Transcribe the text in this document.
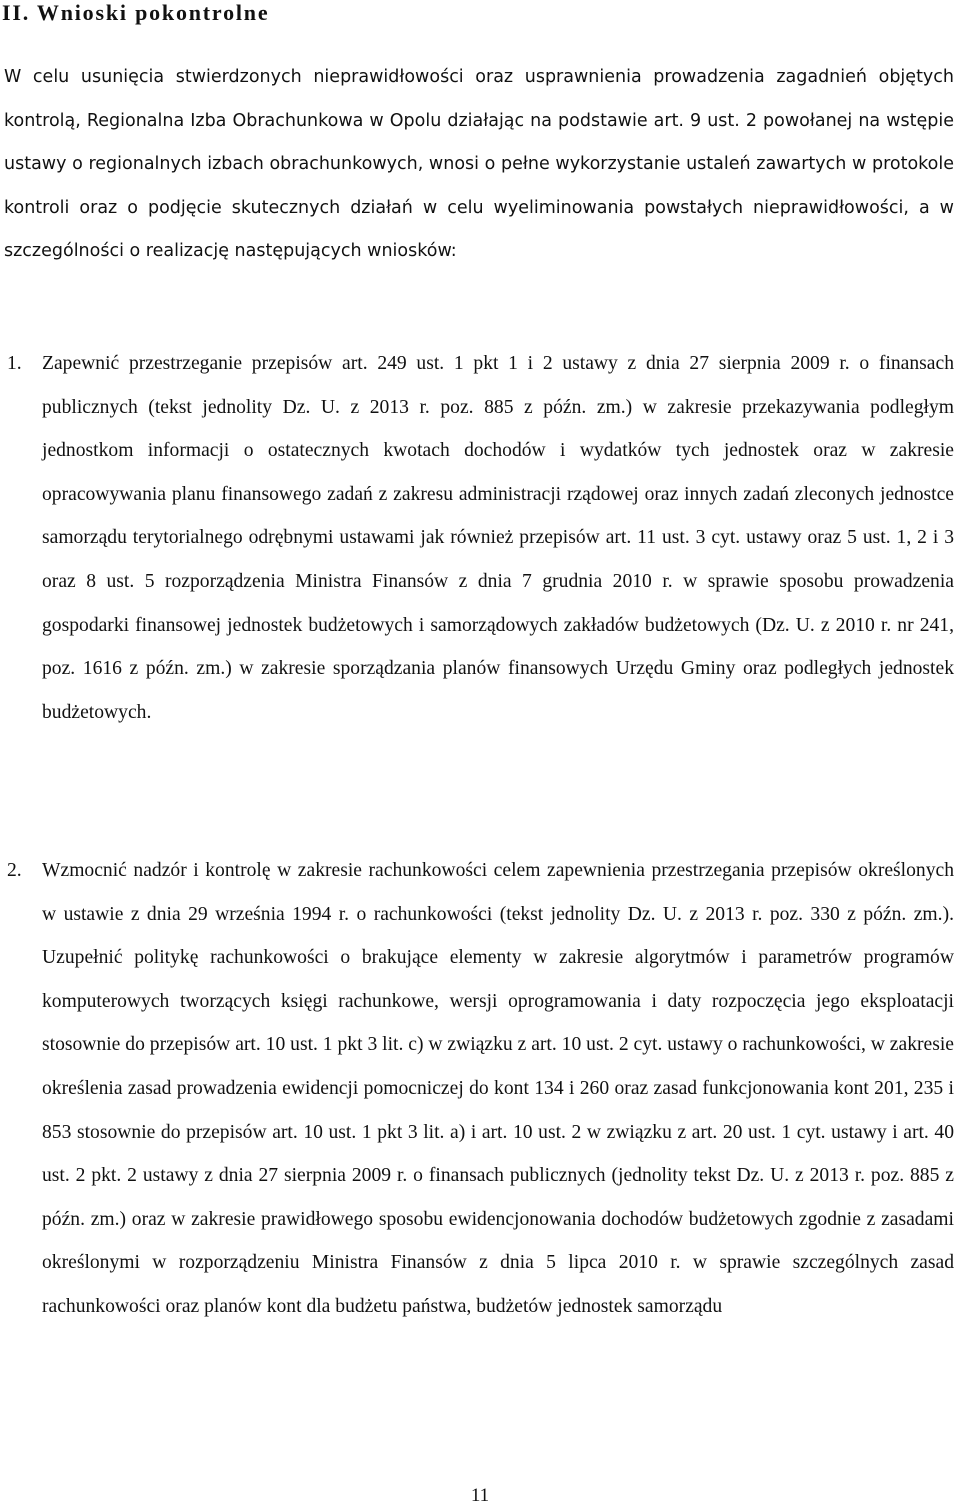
II. Wnioski pokontrolne

W celu usunięcia stwierdzonych nieprawidłowości oraz usprawnienia prowadzenia zagadnień objętych kontrolą, Regionalna Izba Obrachunkowa w Opolu działając na podstawie art. 9 ust. 2 powołanej na wstępie ustawy o regionalnych izbach obrachunkowych, wnosi o pełne wykorzystanie ustaleń zawartych w protokole kontroli oraz o podjęcie skutecznych działań w celu wyeliminowania powstałych nieprawidłowości, a w szczególności o realizację następujących wniosków:

1. Zapewnić przestrzeganie przepisów art. 249 ust. 1 pkt 1 i 2 ustawy z dnia 27 sierpnia 2009 r. o finansach publicznych (tekst jednolity Dz. U. z 2013 r. poz. 885 z późn. zm.) w zakresie przekazywania podległym jednostkom informacji o ostatecznych kwotach dochodów i wydatków tych jednostek oraz w zakresie opracowywania planu finansowego zadań z zakresu administracji rządowej oraz innych zadań zleconych jednostce samorządu terytorialnego odrębnymi ustawami jak również przepisów art. 11 ust. 3 cyt. ustawy oraz 5 ust. 1, 2 i 3 oraz 8 ust. 5 rozporządzenia Ministra Finansów z dnia 7 grudnia 2010 r. w sprawie sposobu prowadzenia gospodarki finansowej jednostek budżetowych i samorządowych zakładów budżetowych (Dz. U. z 2010 r. nr 241, poz. 1616 z późn. zm.) w zakresie sporządzania planów finansowych Urzędu Gminy oraz podległych jednostek budżetowych.

2. Wzmocnić nadzór i kontrolę w zakresie rachunkowości celem zapewnienia przestrzegania przepisów określonych w ustawie z dnia 29 września 1994 r. o rachunkowości (tekst jednolity Dz. U. z 2013 r. poz. 330 z późn. zm.). Uzupełnić politykę rachunkowości o brakujące elementy w zakresie algorytmów i parametrów programów komputerowych tworzących księgi rachunkowe, wersji oprogramowania i daty rozpoczęcia jego eksploatacji stosownie do przepisów art. 10 ust. 1 pkt 3 lit. c) w związku z art. 10 ust. 2 cyt. ustawy o rachunkowości, w zakresie określenia zasad prowadzenia ewidencji pomocniczej do kont 134 i 260 oraz zasad funkcjonowania kont 201, 235 i 853 stosownie do przepisów art. 10 ust. 1 pkt 3 lit. a) i art. 10 ust. 2 w związku z art. 20 ust. 1 cyt. ustawy i art. 40 ust. 2 pkt. 2 ustawy z dnia 27 sierpnia 2009 r. o finansach publicznych (jednolity tekst Dz. U. z 2013 r. poz. 885 z późn. zm.) oraz w zakresie prawidłowego sposobu ewidencjonowania dochodów budżetowych zgodnie z zasadami określonymi w rozporządzeniu Ministra Finansów z dnia 5 lipca 2010 r. w sprawie szczególnych zasad rachunkowości oraz planów kont dla budżetu państwa, budżetów jednostek samorządu

11
